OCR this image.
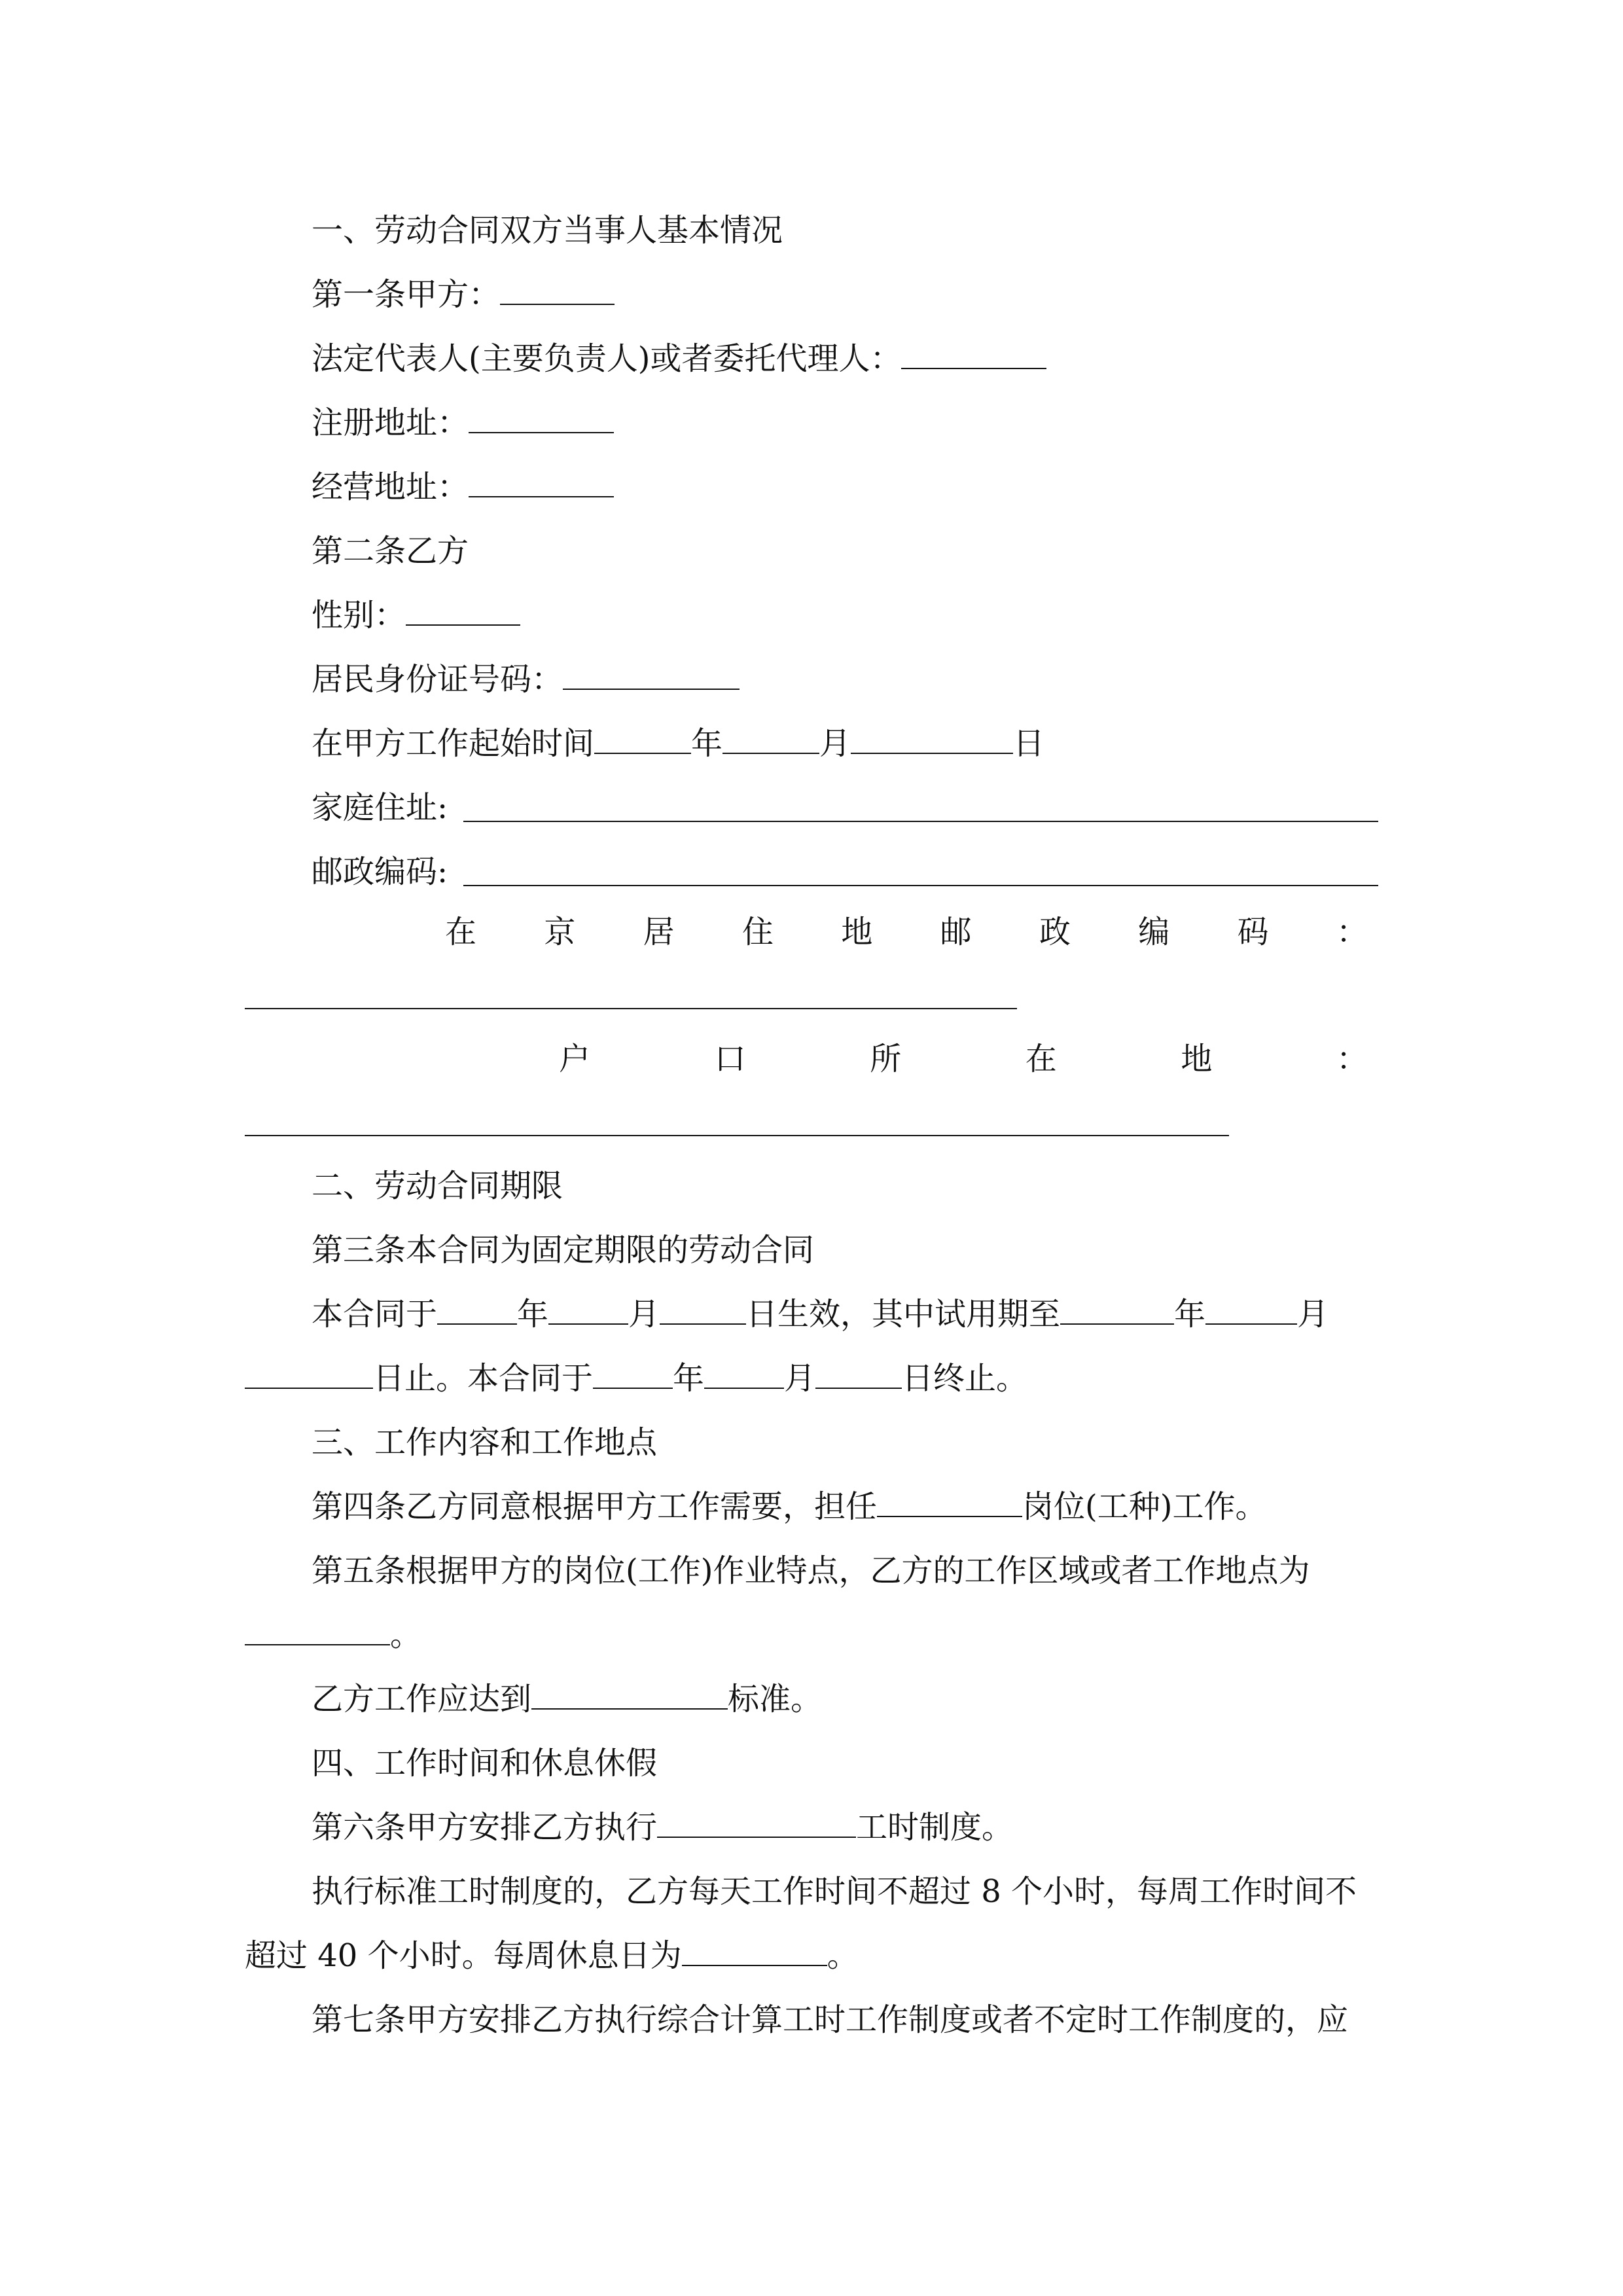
一、劳动合同双方当事人基本情况
第一条甲方：
法定代表人(主要负责人)或者委托代理人：
注册地址：
经营地址：
第二条乙方
性别：
居民身份证号码：
在甲方工作起始时间	年	月	日
家庭住址:
邮政编码:
在 京 居 住 地 邮 政 编 码 ：
户	口	所	在	地	：
二、劳动合同期限
第三条本合同为固定期限的劳动合同
本合同于	年	月	日生效，其中试用期至	年	月
日止。本合同于	年	月	日终止。
三、工作内容和工作地点
第四条乙方同意根据甲方工作需要，担任	岗位(工种)工作。
第五条根据甲方的岗位(工作)作业特点，乙方的工作区域或者工作地点为
。
乙方工作应达到	标准。
四、工作时间和休息休假
第六条甲方安排乙方执行	工时制度。
执行标准工时制度的，乙方每天工作时间不超过 8 个小时，每周工作时间不
超过 40 个小时。每周休息日为	。
第七条甲方安排乙方执行综合计算工时工作制度或者不定时工作制度的，应
